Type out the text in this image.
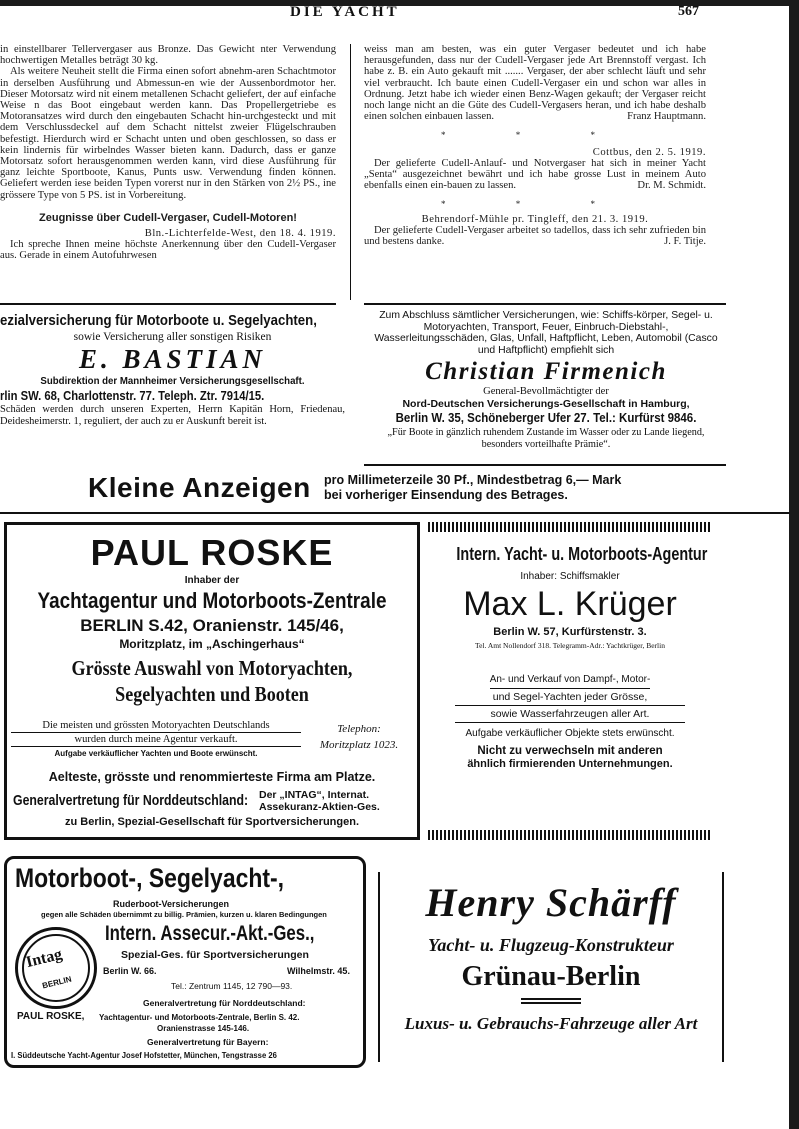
DIE YACHT	567

in einstellbarer Tellervergaser aus Bronze. Das Gewicht nter Verwendung hochwertigen Metalles beträgt 30 kg.

Als weitere Neuheit stellt die Firma einen sofort abnehm-aren Schachtmotor in derselben Ausführung und Abmessun-en wie der Aussenbordmotor her. Dieser Motorsatz wird nit einem metallenen Schacht geliefert, der auf einfache Weise n das Boot eingebaut werden kann. Das Propellergetriebe es Motoransatzes wird durch den eingebauten Schacht hin-urchgesteckt und mit dem Verschlussdeckel auf dem Schacht nittelst zweier Flügelschrauben befestigt. Hierdurch wird er Schacht unten und oben geschlossen, so dass er kein lindernis für wirbelndes Wasser bieten kann. Dadurch, dass er ganze Motorsatz sofort herausgenommen werden kann, vird diese Ausführung für ganz leichte Sportboote, Kanus, Punts usw. Verwendung finden können. Geliefert werden iese beiden Typen vorerst nur in den Stärken von 2½ PS., ine grössere Type von 5 PS. ist in Vorbereitung.

Zeugnisse über Cudell-Vergaser, Cudell-Motoren!

Bln.-Lichterfelde-West, den 18. 4. 1919.

Ich spreche Ihnen meine höchste Anerkennung über den Cudell-Vergaser aus. Gerade in einem Autofuhrwesen

weiss man am besten, was ein guter Vergaser bedeutet und ich habe herausgefunden, dass nur der Cudell-Vergaser jede Art Brennstoff vergast. Ich habe z. B. ein Auto gekauft mit ....... Vergaser, der aber schlecht läuft und sehr viel verbraucht. Ich baute einen Cudell-Vergaser ein und schon war alles in Ordnung. Jetzt habe ich wieder einen Benz-Wagen gekauft; der Vergaser reicht noch lange nicht an die Güte des Cudell-Vergasers heran, und ich habe deshalb einen solchen einbauen lassen.	Franz Hauptmann.

* * *

Cottbus, den 2. 5. 1919.

Der gelieferte Cudell-Anlauf- und Notvergaser hat sich in meiner Yacht „Senta“ ausgezeichnet bewährt und ich habe grosse Lust in meinem Auto ebenfalls einen ein-bauen zu lassen.	Dr. M. Schmidt.

* * *

Behrendorf-Mühle pr. Tingleff, den 21. 3. 1919.

Der gelieferte Cudell-Vergaser arbeitet so tadellos, dass ich sehr zufrieden bin und bestens danke.	J. F. Titje.

ezialversicherung für Motorboote u. Segelyachten,
sowie Versicherung aller sonstigen Risiken
E. BASTIAN
Subdirektion der Mannheimer Versicherungsgesellschaft.
rlin SW. 68, Charlottenstr. 77. Teleph. Ztr. 7914/15.
Schäden werden durch unseren Experten, Herrn Kapitän Horn, Friedenau, Deidesheimerstr. 1, reguliert, der auch zu er Auskunft bereit ist.
Zum Abschluss sämtlicher Versicherungen, wie: Schiffs-körper, Segel- u. Motoryachten, Transport, Feuer, Einbruch-Diebstahl-, Wasserleitungsschäden, Glas, Unfall, Haftpflicht, Leben, Automobil (Casco und Haftpflicht) empfiehlt sich
Christian Firmenich
General-Bevollmächtigter der
Nord-Deutschen Versicherungs-Gesellschaft in Hamburg,
Berlin W. 35, Schöneberger Ufer 27. Tel.: Kurfürst 9846.
„Für Boote in gänzlich ruhendem Zustande im Wasser oder zu Lande liegend, besonders vorteilhafte Prämie“.
Kleine Anzeigen pro Millimeterzeile 30 Pf., Mindestbetrag 6,— Mark
bei vorheriger Einsendung des Betrages.
PAUL ROSKE
Inhaber der
Yachtagentur und Motorboots-Zentrale
BERLIN S.42, Oranienstr. 145/46,
Moritzplatz, im „Aschingerhaus“
Grösste Auswahl von Motoryachten,
Segelyachten und Booten
Die meisten und grössten Motoryachten Deutschlands
wurden durch meine Agentur verkauft.
Aufgabe verkäuflicher Yachten und Boote erwünscht.
Telephon:
Moritzplatz 1023.
Aelteste, grösste und renommierteste Firma am Platze.
Generalvertretung für Norddeutschland: Der „INTAG“, Internat. Assekuranz-Aktien-Ges.
zu Berlin, Spezial-Gesellschaft für Sportversicherungen.
Intern. Yacht- u. Motorboots-Agentur
Inhaber: Schiffsmakler
Max L. Krüger
Berlin W. 57, Kurfürstenstr. 3.
Tel. Amt Nollendorf 318. Telegramm-Adr.: Yachtkrüger, Berlin
An- und Verkauf von Dampf-, Motor-
und Segel-Yachten jeder Grösse,
sowie Wasserfahrzeugen aller Art.
Aufgabe verkäuflicher Objekte stets erwünscht.
Nicht zu verwechseln mit anderen
ähnlich firmierenden Unternehmungen.
Motorboot-, Segelyacht-,
Ruderboot-Versicherungen
gegen alle Schäden übernimmt zu billig. Prämien, kurzen u. klaren Bedingungen
Intag
BERLIN
Intern. Assecur.-Akt.-Ges.,
Spezial-Ges. für Sportversicherungen
Berlin W. 66.	Wilhelmstr. 45.
Tel.: Zentrum 1145, 12 790—93.
Generalvertretung für Norddeutschland:
PAUL ROSKE, Yachtagentur- und Motorboots-Zentrale, Berlin S. 42.
Oranienstrasse 145-146.
Generalvertretung für Bayern:
I. Süddeutsche Yacht-Agentur Josef Hofstetter, München, Tengstrasse 26
Henry Schärff
Yacht- u. Flugzeug-Konstrukteur
Grünau-Berlin
Luxus- u. Gebrauchs-Fahrzeuge aller Art
